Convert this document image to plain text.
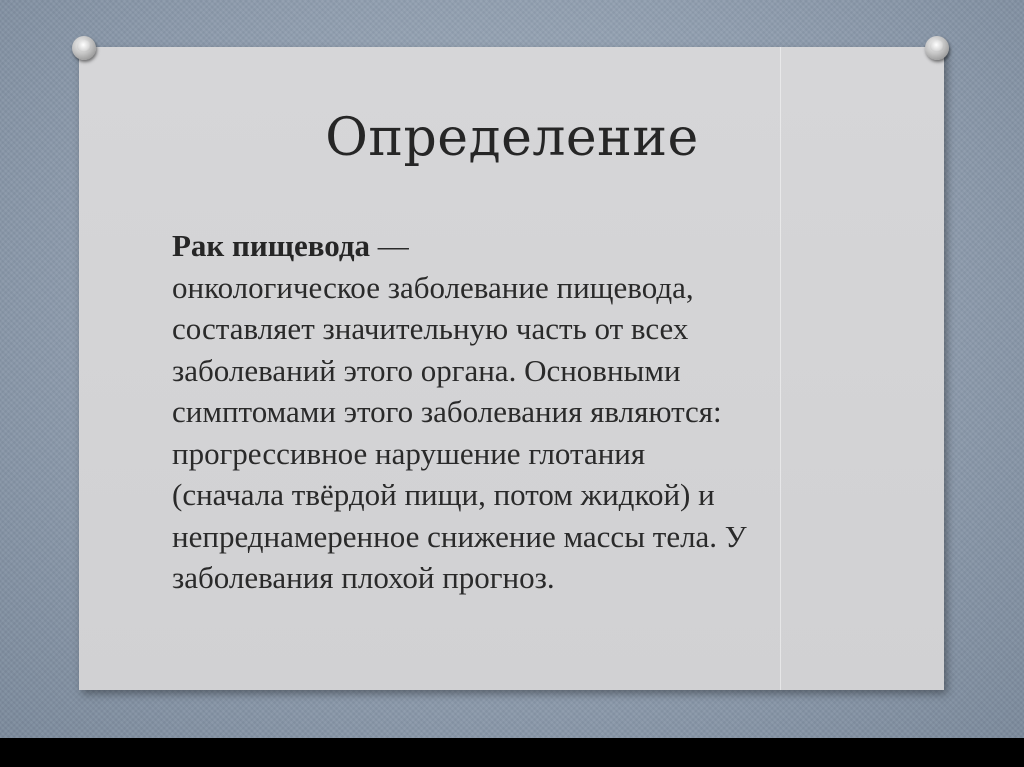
Определение
Рак пищевода —
онкологическое заболевание пищевода,
составляет значительную часть от всех
заболеваний этого органа. Основными
симптомами этого заболевания являются:
прогрессивное нарушение глотания
(сначала твёрдой пищи, потом жидкой) и
непреднамеренное снижение массы тела. У
заболевания плохой прогноз.
